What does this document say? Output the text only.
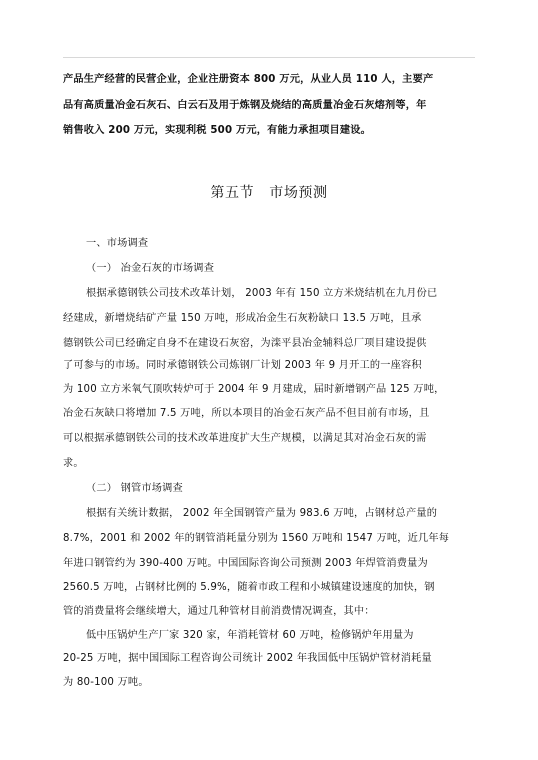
产品生产经营的民营企业，企业注册资本 800 万元，从业人员 110 人，主要产
品有高质量冶金石灰石、白云石及用于炼钢及烧结的高质量冶金石灰熔剂等，年
销售收入 200 万元，实现利税 500 万元，有能力承担项目建设。
第五节 市场预测
一、市场调查
（一） 冶金石灰的市场调查
根据承德钢铁公司技术改革计划， 2003 年有 150 立方米烧结机在九月份已
经建成，新增烧结矿产量 150 万吨，形成冶金生石灰粉缺口 13.5 万吨，且承
德钢铁公司已经确定自身不在建设石灰窑，为滦平县冶金辅料总厂项目建设提供
了可参与的市场。同时承德钢铁公司炼钢厂计划 2003 年 9 月开工的一座容积
为 100 立方米氧气顶吹转炉可于 2004 年 9 月建成，届时新增钢产品 125 万吨，
冶金石灰缺口将增加 7.5 万吨，所以本项目的冶金石灰产品不但目前有市场，且
可以根据承德钢铁公司的技术改革进度扩大生产规模，以满足其对冶金石灰的需
求。
（二） 钢管市场调查
根据有关统计数据， 2002 年全国钢管产量为 983.6 万吨，占钢材总产量的
8.7%，2001 和 2002 年的钢管消耗量分别为 1560 万吨和 1547 万吨，近几年每
年进口钢管约为 390-400 万吨。中国国际咨询公司预测 2003 年焊管消费量为
2560.5 万吨，占钢材比例的 5.9%，随着市政工程和小城镇建设速度的加快，钢
管的消费量将会继续增大，通过几种管材目前消费情况调查，其中：
低中压锅炉生产厂家 320 家，年消耗管材 60 万吨，检修锅炉年用量为
20-25 万吨，据中国国际工程咨询公司统计 2002 年我国低中压锅炉管材消耗量
为 80-100 万吨。
